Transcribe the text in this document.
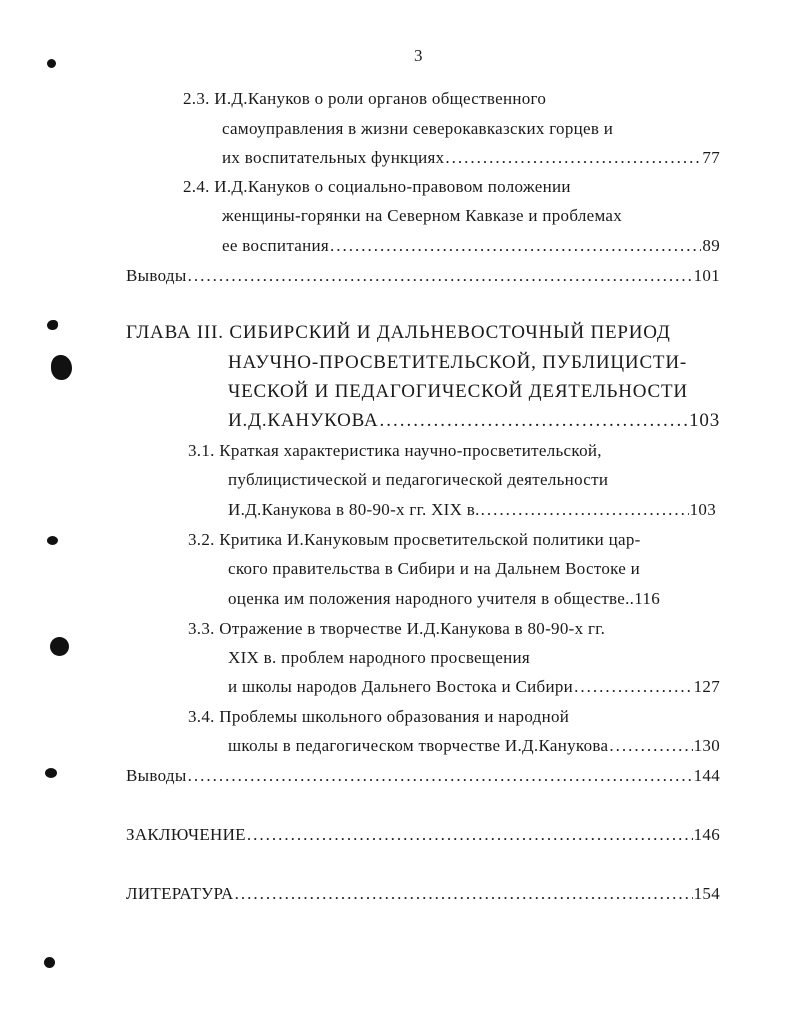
3
2.3. И.Д.Кануков о роли органов общественного
самоуправления в жизни северокавказских горцев и
их воспитательных функциях .....	77
2.4. И.Д.Кануков о социально-правовом положении
женщины-горянки на Северном Кавказе и проблемах
ее воспитания .....	89
Выводы .....	101
ГЛАВА III. СИБИРСКИЙ И ДАЛЬНЕВОСТОЧНЫЙ ПЕРИОД
НАУЧНО-ПРОСВЕТИТЕЛЬСКОЙ, ПУБЛИЦИСТИ-
ЧЕСКОЙ И ПЕДАГОГИЧЕСКОЙ ДЕЯТЕЛЬНОСТИ
И.Д.КАНУКОВА .....	103
3.1. Краткая характеристика научно-просветительской,
публицистической и педагогической деятельности
И.Д.Канукова в 80-90-х гг. XIX в. .....	103
3.2. Критика И.Кануковым просветительской политики цар-
ского правительства в Сибири и на Дальнем Востоке и
оценка им положения народного учителя в обществе.. 116
3.3. Отражение в творчестве И.Д.Канукова в 80-90-х гг.
XIX в. проблем народного просвещения
и школы народов Дальнего Востока и Сибири .....	127
3.4. Проблемы школьного образования и народной
школы в педагогическом творчестве И.Д.Канукова .....	130
Выводы .....	144
ЗАКЛЮЧЕНИЕ .....	146
ЛИТЕРАТУРА .....	154
